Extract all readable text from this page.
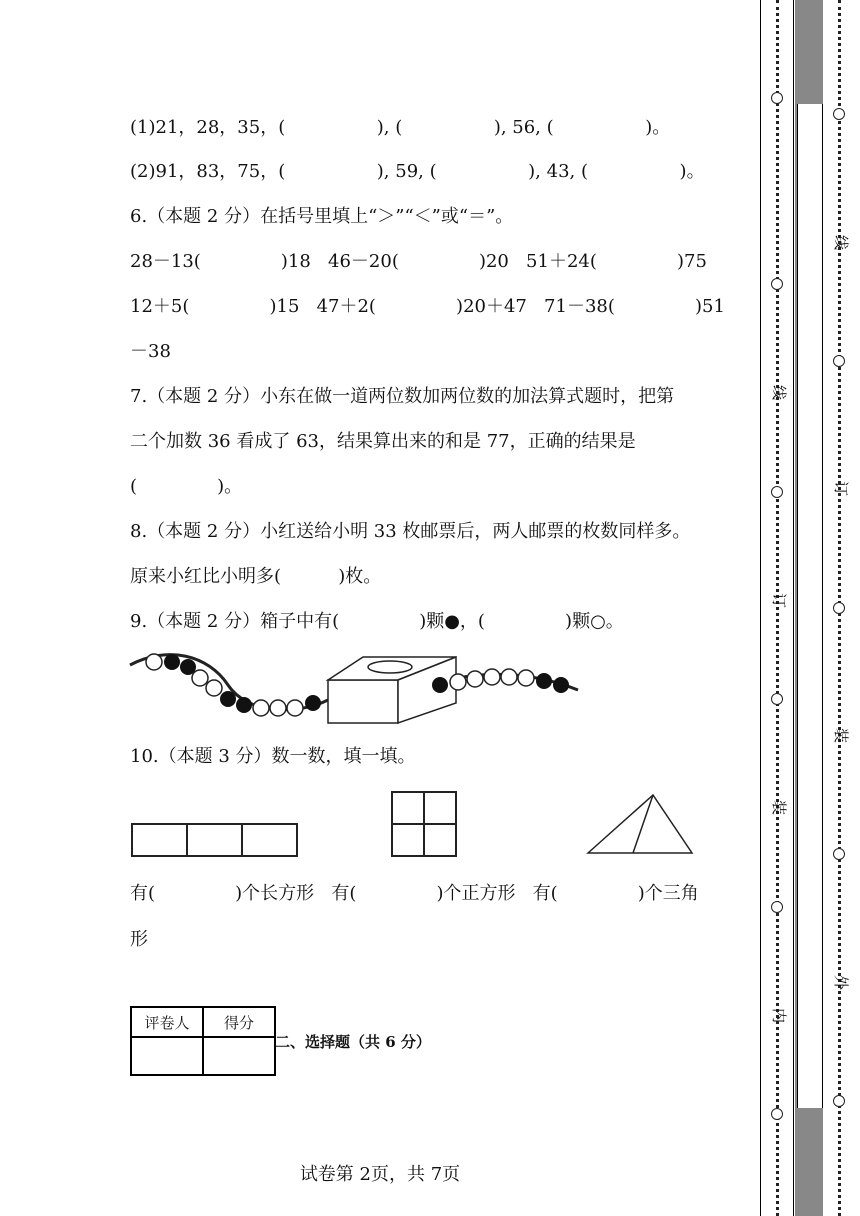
(1)21，28，35，(                ), (                ), 56, (                )。
(2)91，83，75，(                ), 59, (                ), 43, (                )。
6.（本题 2 分）在括号里填上“＞”“＜”或“＝”。
28－13(              )18   46－20(              )20   51＋24(              )75
12＋5(              )15   47＋2(              )20＋47   71－38(              )51
－38
7.（本题 2 分）小东在做一道两位数加两位数的加法算式题时，把第
二个加数 36 看成了 63，结果算出来的和是 77，正确的结果是
(              )。
8.（本题 2 分）小红送给小明 33 枚邮票后，两人邮票的枚数同样多。
原来小红比小明多(          )枚。
9.（本题 2 分）箱子中有(              )颗●，(              )颗○。
10.（本题 3 分）数一数，填一填。
有(              )个长方形   有(              )个正方形   有(              )个三角
形
评卷人	得分

二、选择题（共 6 分）
试卷第 2页，共 7页
线
订
装
内
线
订
装
外
